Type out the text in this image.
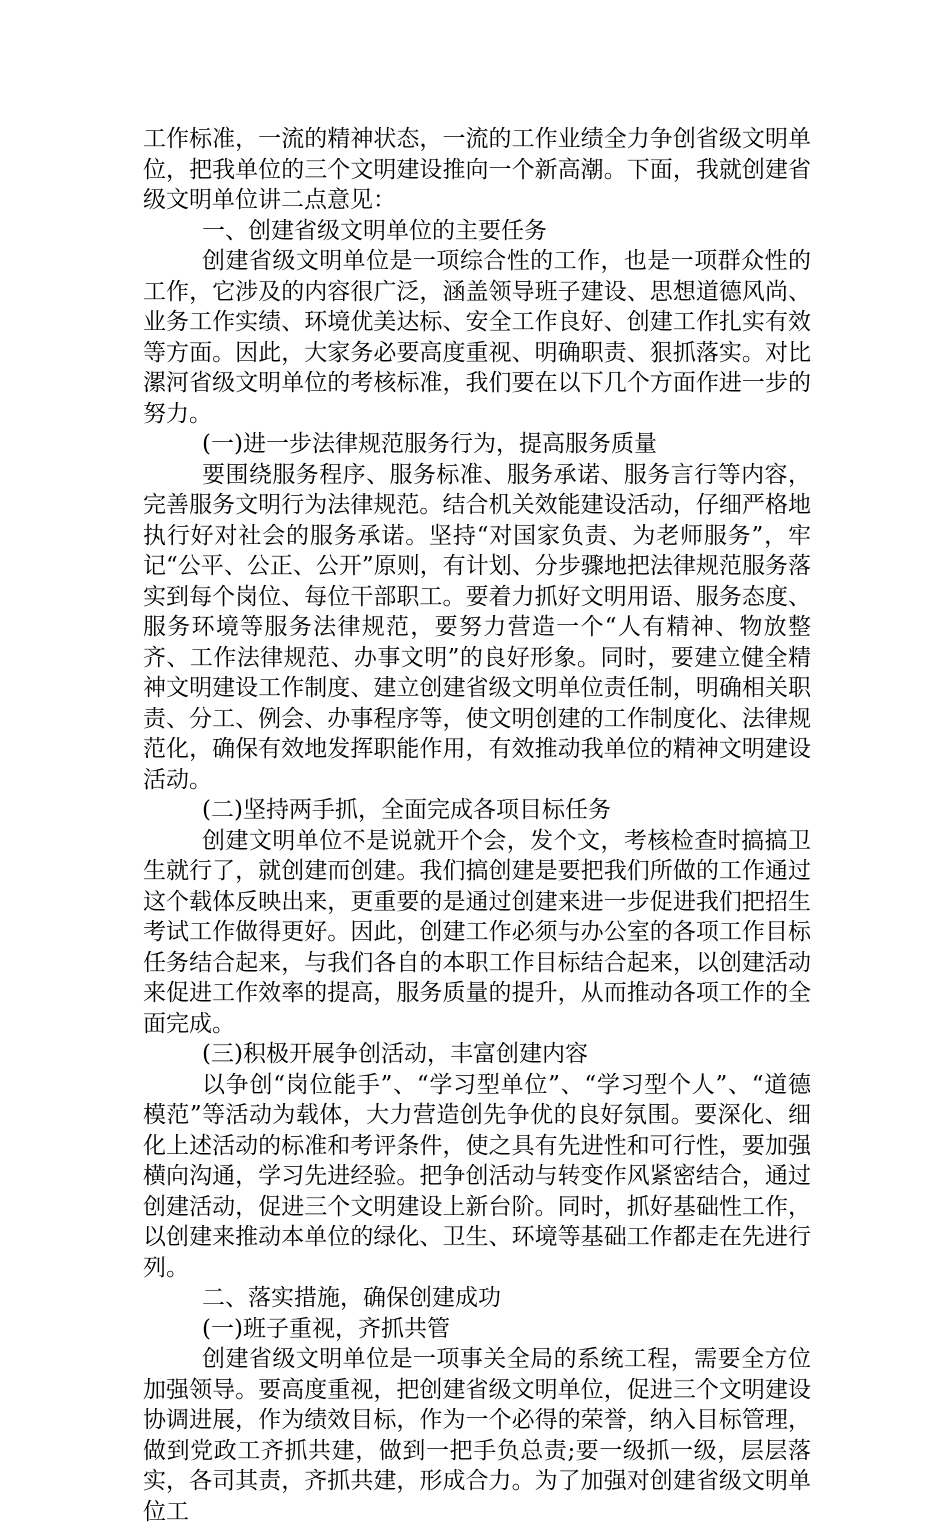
工作标准，一流的精神状态，一流的工作业绩全力争创省级文明单位，把我单位的三个文明建设推向一个新高潮。下面，我就创建省级文明单位讲二点意见：

一、创建省级文明单位的主要任务

创建省级文明单位是一项综合性的工作，也是一项群众性的工作，它涉及的内容很广泛，涵盖领导班子建设、思想道德风尚、业务工作实绩、环境优美达标、安全工作良好、创建工作扎实有效等方面。因此，大家务必要高度重视、明确职责、狠抓落实。对比漯河省级文明单位的考核标准，我们要在以下几个方面作进一步的努力。

(一)进一步法律规范服务行为，提高服务质量

要围绕服务程序、服务标准、服务承诺、服务言行等内容，完善服务文明行为法律规范。结合机关效能建设活动，仔细严格地执行好对社会的服务承诺。坚持“对国家负责、为老师服务”，牢记“公平、公正、公开”原则，有计划、分步骤地把法律规范服务落实到每个岗位、每位干部职工。要着力抓好文明用语、服务态度、服务环境等服务法律规范，要努力营造一个“人有精神、物放整齐、工作法律规范、办事文明”的良好形象。同时，要建立健全精神文明建设工作制度、建立创建省级文明单位责任制，明确相关职责、分工、例会、办事程序等，使文明创建的工作制度化、法律规范化，确保有效地发挥职能作用，有效推动我单位的精神文明建设活动。

(二)坚持两手抓，全面完成各项目标任务

创建文明单位不是说就开个会，发个文，考核检查时搞搞卫生就行了，就创建而创建。我们搞创建是要把我们所做的工作通过这个载体反映出来，更重要的是通过创建来进一步促进我们把招生考试工作做得更好。因此，创建工作必须与办公室的各项工作目标任务结合起来，与我们各自的本职工作目标结合起来，以创建活动来促进工作效率的提高，服务质量的提升，从而推动各项工作的全面完成。

(三)积极开展争创活动，丰富创建内容

以争创“岗位能手”、“学习型单位”、“学习型个人”、“道德模范”等活动为载体，大力营造创先争优的良好氛围。要深化、细化上述活动的标准和考评条件，使之具有先进性和可行性，要加强横向沟通，学习先进经验。把争创活动与转变作风紧密结合，通过创建活动，促进三个文明建设上新台阶。同时，抓好基础性工作，以创建来推动本单位的绿化、卫生、环境等基础工作都走在先进行列。

二、落实措施，确保创建成功

(一)班子重视，齐抓共管

创建省级文明单位是一项事关全局的系统工程，需要全方位加强领导。要高度重视，把创建省级文明单位，促进三个文明建设协调进展，作为绩效目标，作为一个必得的荣誉，纳入目标管理，做到党政工齐抓共建，做到一把手负总责;要一级抓一级，层层落实，各司其责，齐抓共建，形成合力。为了加强对创建省级文明单位工
